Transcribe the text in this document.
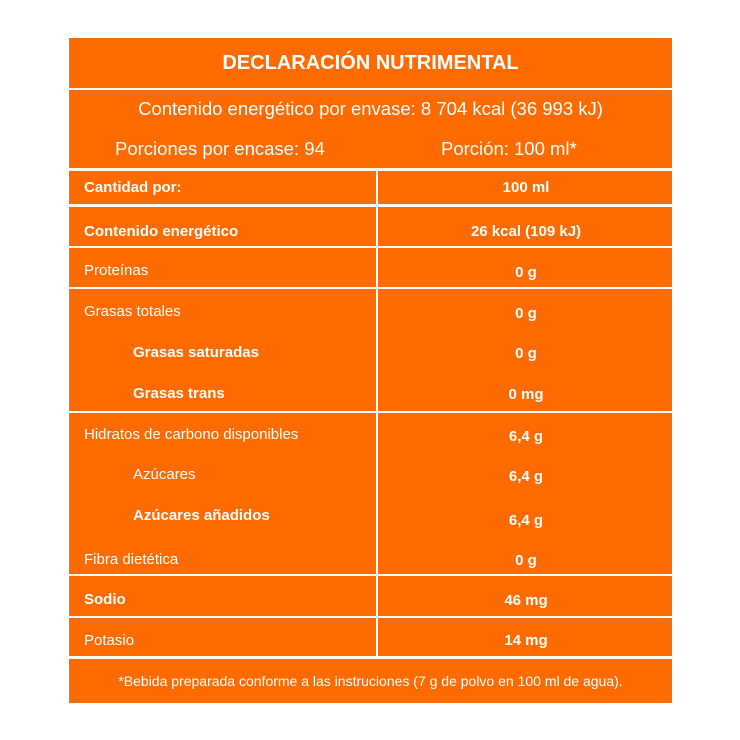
DECLARACIÓN NUTRIMENTAL
Contenido energético por envase: 8 704 kcal (36 993 kJ)
Porciones por encase: 94	Porción: 100 ml*
Cantidad por:	100 ml
Contenido energético	26 kcal (109 kJ)
Proteínas	0 g
Grasas totales	0 g
Grasas saturadas	0 g
Grasas trans	0 mg
Hidratos de carbono disponibles	6,4 g
Azúcares	6,4 g
Azúcares añadidos	6,4 g
Fibra dietética	0 g
Sodio	46 mg
Potasio	14 mg
*Bebida preparada conforme a las instruciones (7 g de polvo en 100 ml de agua).
